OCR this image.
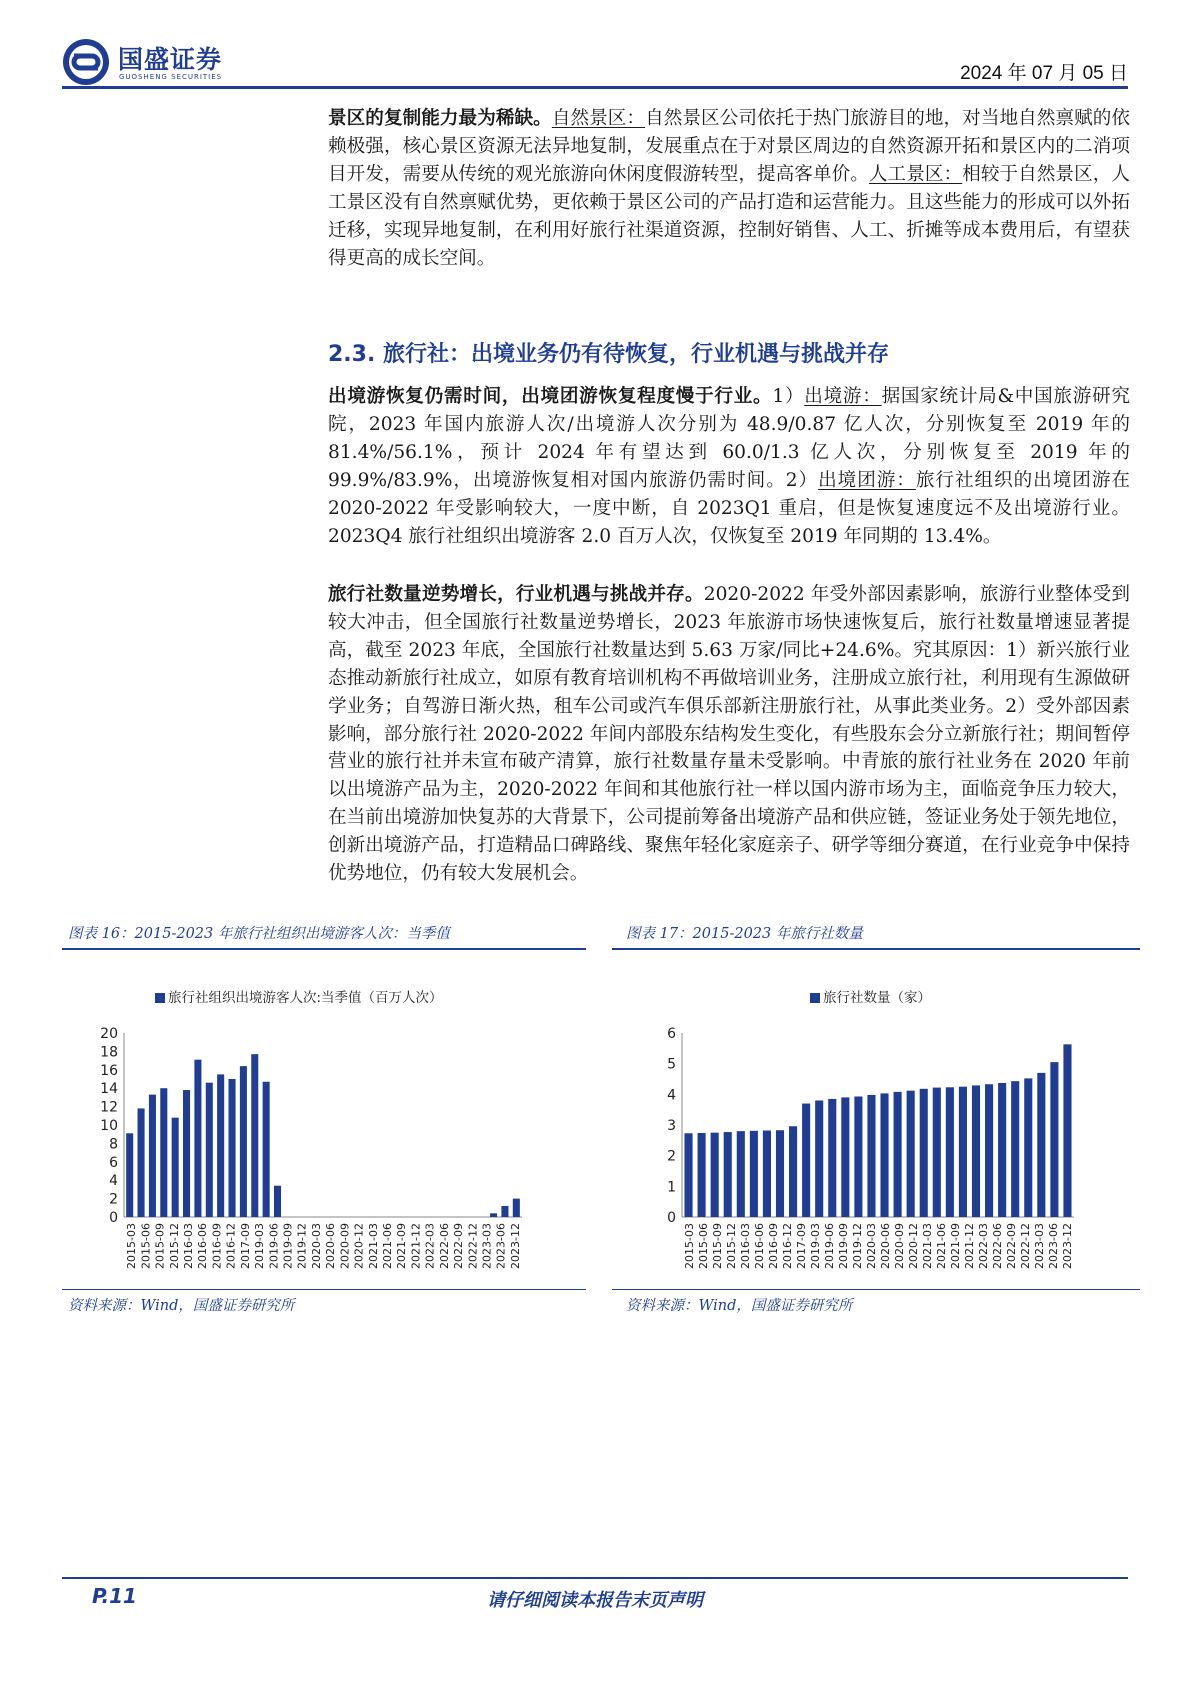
国盛证券
GUOSHENG SECURITIES	2024 年 07 月 05 日
景区的复制能力最为稀缺。自然景区：自然景区公司依托于热门旅游目的地，对当地自然禀赋的依赖极强，核心景区资源无法异地复制，发展重点在于对景区周边的自然资源开拓和景区内的二消项目开发，需要从传统的观光旅游向休闲度假游转型，提高客单价。人工景区：相较于自然景区，人工景区没有自然禀赋优势，更依赖于景区公司的产品打造和运营能力。且这些能力的形成可以外拓迁移，实现异地复制，在利用好旅行社渠道资源，控制好销售、人工、折摊等成本费用后，有望获得更高的成长空间。
2.3. 旅行社：出境业务仍有待恢复，行业机遇与挑战并存
出境游恢复仍需时间，出境团游恢复程度慢于行业。1）出境游：据国家统计局&中国旅游研究院，2023 年国内旅游人次/出境游人次分别为 48.9/0.87 亿人次，分别恢复至 2019 年的 81.4%/56.1%，预计 2024 年有望达到 60.0/1.3 亿人次，分别恢复至 2019 年的 99.9%/83.9%，出境游恢复相对国内旅游仍需时间。2）出境团游：旅行社组织的出境团游在 2020-2022 年受影响较大，一度中断，自 2023Q1 重启，但是恢复速度远不及出境游行业。2023Q4 旅行社组织出境游客 2.0 百万人次，仅恢复至 2019 年同期的 13.4%。
旅行社数量逆势增长，行业机遇与挑战并存。2020-2022 年受外部因素影响，旅游行业整体受到较大冲击，但全国旅行社数量逆势增长，2023 年旅游市场快速恢复后，旅行社数量增速显著提高，截至 2023 年底，全国旅行社数量达到 5.63 万家/同比+24.6%。究其原因：1）新兴旅行业态推动新旅行社成立，如原有教育培训机构不再做培训业务，注册成立旅行社，利用现有生源做研学业务；自驾游日渐火热，租车公司或汽车俱乐部新注册旅行社，从事此类业务。2）受外部因素影响，部分旅行社 2020-2022 年间内部股东结构发生变化，有些股东会分立新旅行社；期间暂停营业的旅行社并未宣布破产清算，旅行社数量存量未受影响。中青旅的旅行社业务在 2020 年前以出境游产品为主，2020-2022 年间和其他旅行社一样以国内游市场为主，面临竞争压力较大，在当前出境游加快复苏的大背景下，公司提前筹备出境游产品和供应链，签证业务处于领先地位，创新出境游产品，打造精品口碑路线、聚焦年轻化家庭亲子、研学等细分赛道，在行业竞争中保持优势地位，仍有较大发展机会。
图表 16：2015-2023 年旅行社组织出境游客人次：当季值
旅行社组织出境游客人次:当季值（百万人次）
0
2
4
6
8
10
12
14
16
18
20
2015-03 2015-06 2015-09 2015-12 2016-03 2016-06 2016-09 2016-12 2017-09 2019-03 2019-06 2019-09 2019-12 2020-03 2020-06 2020-09 2020-12 2021-03 2021-06 2021-09 2021-12 2022-03 2022-06 2022-09 2022-12 2023-03 2023-06 2023-12
资料来源：Wind，国盛证券研究所
图表 17：2015-2023 年旅行社数量
旅行社数量（家）
0
1
2
3
4
5
6
2015-03 2015-06 2015-09 2015-12 2016-03 2016-06 2016-09 2016-12 2017-09 2019-03 2019-06 2019-09 2019-12 2020-03 2020-06 2020-09 2020-12 2021-03 2021-06 2021-09 2021-12 2022-03 2022-06 2022-09 2022-12 2023-03 2023-06 2023-12
资料来源：Wind，国盛证券研究所
P.11	请仔细阅读本报告末页声明
